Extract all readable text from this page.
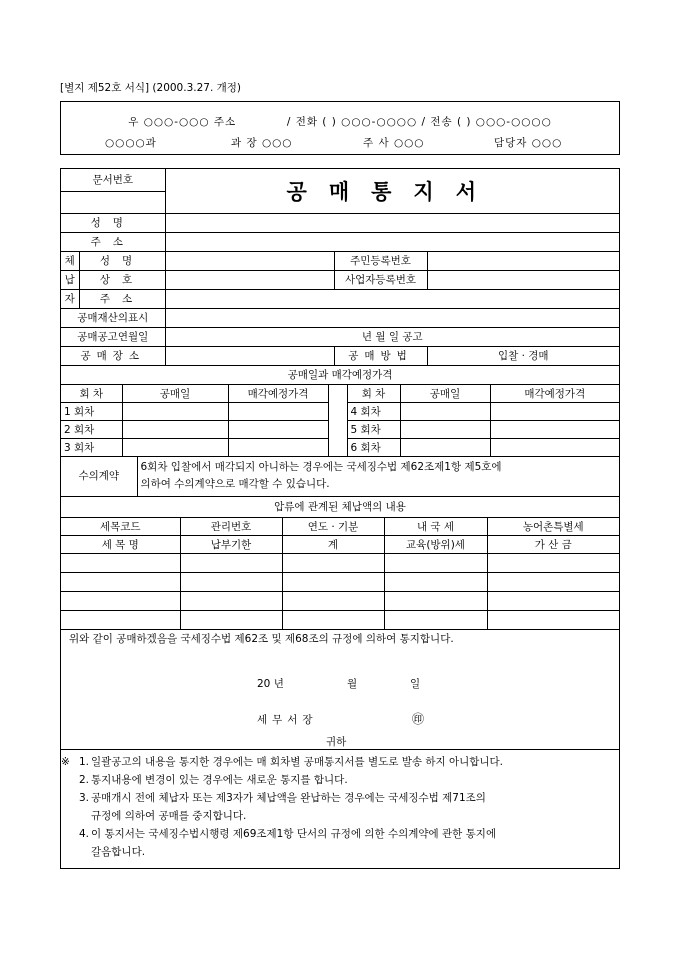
[별지 제52호 서식] (2000.3.27. 개정)
우 ○○○-○○○ 주소	/ 전화 ( ) ○○○-○○○○ / 전송 ( ) ○○○-○○○○
○○○○과	과 장 ○○○	주 사 ○○○	담당자 ○○○
문서번호		공매통지서		

성명				
주소				
체	성명		주민등록번호	
납	상호		사업자등록번호	
자	주소			
공매재산의표시				
공매공고연월일		년 월 일 공고		
공매장소			공매방법	입찰 · 경매
공매일과 매각예정가격						
회 차	공매일	매각예정가격		회 차	공매일	매각예정가격
1 회차				4 회차		
2 회차				5 회차		
3 회차				6 회차		
수의계약	
6회차 입찰에서 매각되지 아니하는 경우에는 국세징수법 제62조제1항 제5호에
의하여 수의계약으로 매각할 수 있습니다.
압류에 관계된 체납액의 내용				
세목코드	관리번호	연도 · 기분	내 국 세	농어촌특별세
세 목 명	납부기한	계	교육(방위)세	가 산 금

위와 같이 공매하겠음을 국세징수법 제62조 및 제68조의 규정에 의하여 통지합니다.
20 년	월	일
세무서장	㊞
귀하
※ 1. 일괄공고의 내용을 통지한 경우에는 매 회차별 공매통지서를 별도로 발송 하지 아니합니다.
2. 통지내용에 변경이 있는 경우에는 새로운 통지를 합니다.
3. 공매개시 전에 체납자 또는 제3자가 체납액을 완납하는 경우에는 국세징수법 제71조의
규정에 의하여 공매를 중지합니다.
4. 이 통지서는 국세징수법시행령 제69조제1항 단서의 규정에 의한 수의계약에 관한 통지에
갈음합니다.
